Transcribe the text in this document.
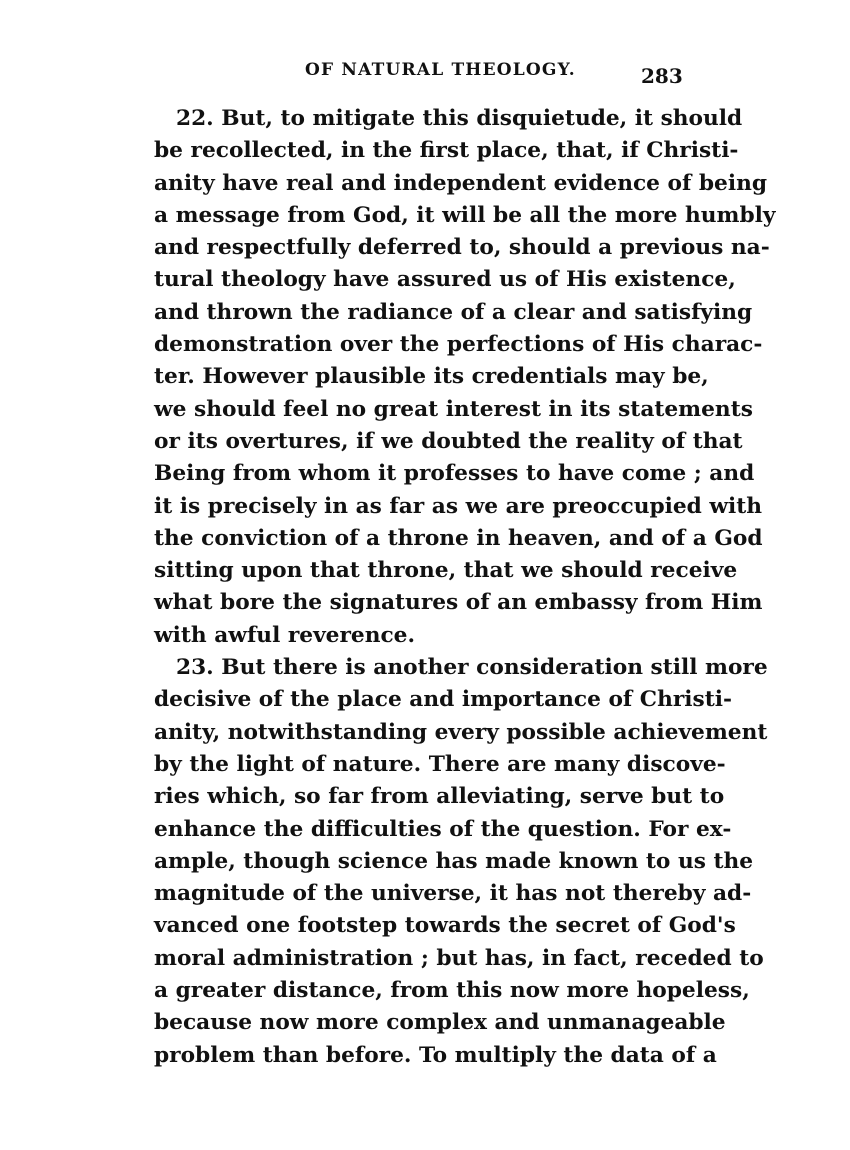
OF NATURAL THEOLOGY.	283
22. But, to mitigate this disquietude, it should
be recollected, in the first place, that, if Christi-
anity have real and independent evidence of being
a message from God, it will be all the more humbly
and respectfully deferred to, should a previous na-
tural theology have assured us of His existence,
and thrown the radiance of a clear and satisfying
demonstration over the perfections of His charac-
ter. However plausible its credentials may be,
we should feel no great interest in its statements
or its overtures, if we doubted the reality of that
Being from whom it professes to have come ; and
it is precisely in as far as we are preoccupied with
the conviction of a throne in heaven, and of a God
sitting upon that throne, that we should receive
what bore the signatures of an embassy from Him
with awful reverence.
23. But there is another consideration still more
decisive of the place and importance of Christi-
anity, notwithstanding every possible achievement
by the light of nature. There are many discove-
ries which, so far from alleviating, serve but to
enhance the difficulties of the question. For ex-
ample, though science has made known to us the
magnitude of the universe, it has not thereby ad-
vanced one footstep towards the secret of God's
moral administration ; but has, in fact, receded to
a greater distance, from this now more hopeless,
because now more complex and unmanageable
problem than before. To multiply the data of a
